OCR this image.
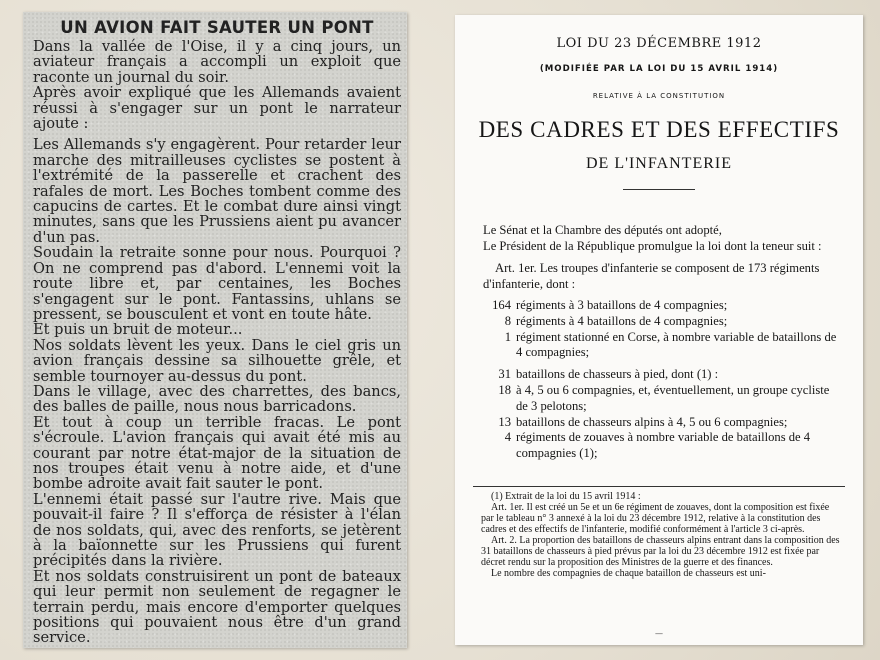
UN AVION FAIT SAUTER UN PONT

Dans la vallée de l'Oise, il y a cinq jours, un aviateur français a accompli un exploit que raconte un journal du soir.

Après avoir expliqué que les Allemands avaient réussi à s'engager sur un pont le narrateur ajoute :

Les Allemands s'y engagèrent. Pour retarder leur marche des mitrailleuses cyclistes se postent à l'extrémité de la passerelle et crachent des rafales de mort. Les Boches tombent comme des capucins de cartes. Et le combat dure ainsi vingt minutes, sans que les Prussiens aient pu avancer d'un pas.

Soudain la retraite sonne pour nous. Pourquoi ? On ne comprend pas d'abord. L'ennemi voit la route libre et, par centaines, les Boches s'engagent sur le pont. Fantassins, uhlans se pressent, se bousculent et vont en toute hâte.

Et puis un bruit de moteur...

Nos soldats lèvent les yeux. Dans le ciel gris un avion français dessine sa silhouette grêle, et semble tournoyer au-dessus du pont.

Dans le village, avec des charrettes, des bancs, des balles de paille, nous nous barricadons.

Et tout à coup un terrible fracas. Le pont s'écroule. L'avion français qui avait été mis au courant par notre état-major de la situation de nos troupes était venu à notre aide, et d'une bombe adroite avait fait sauter le pont.

L'ennemi était passé sur l'autre rive. Mais que pouvait-il faire ? Il s'efforça de résister à l'élan de nos soldats, qui, avec des renforts, se jetèrent à la baïonnette sur les Prussiens qui furent précipités dans la rivière.

Et nos soldats construisirent un pont de bateaux qui leur permit non seulement de regagner le terrain perdu, mais encore d'emporter quelques positions qui pouvaient nous être d'un grand service.

LOI DU 23 DÉCEMBRE 1912
(MODIFIÉE PAR LA LOI DU 15 AVRIL 1914)
RELATIVE À LA CONSTITUTION
DES CADRES ET DES EFFECTIFS
DE L'INFANTERIE

Le Sénat et la Chambre des députés ont adopté,

Le Président de la République promulgue la loi dont la teneur suit :

Art. 1er. Les troupes d'infanterie se composent de 173 régiments d'infanterie, dont :

164 régiments à 3 bataillons de 4 compagnies;
8 régiments à 4 bataillons de 4 compagnies;
1 régiment stationné en Corse, à nombre variable de bataillons de 4 compagnies;
31 bataillons de chasseurs à pied, dont (1) :
18 à 4, 5 ou 6 compagnies, et, éventuellement, un groupe cycliste de 3 pelotons;
13 bataillons de chasseurs alpins à 4, 5 ou 6 compagnies;
4 régiments de zouaves à nombre variable de bataillons de 4 compagnies (1);

(1) Extrait de la loi du 15 avril 1914 :

Art. 1er. Il est créé un 5e et un 6e régiment de zouaves, dont la composition est fixée par le tableau n° 3 annexé à la loi du 23 décembre 1912, relative à la constitution des cadres et des effectifs de l'infanterie, modifié conformément à l'article 3 ci-après.

Art. 2. La proportion des bataillons de chasseurs alpins entrant dans la composition des 31 bataillons de chasseurs à pied prévus par la loi du 23 décembre 1912 est fixée par décret rendu sur la proposition des Ministres de la guerre et des finances.

Le nombre des compagnies de chaque bataillon de chasseurs est uni-

—
